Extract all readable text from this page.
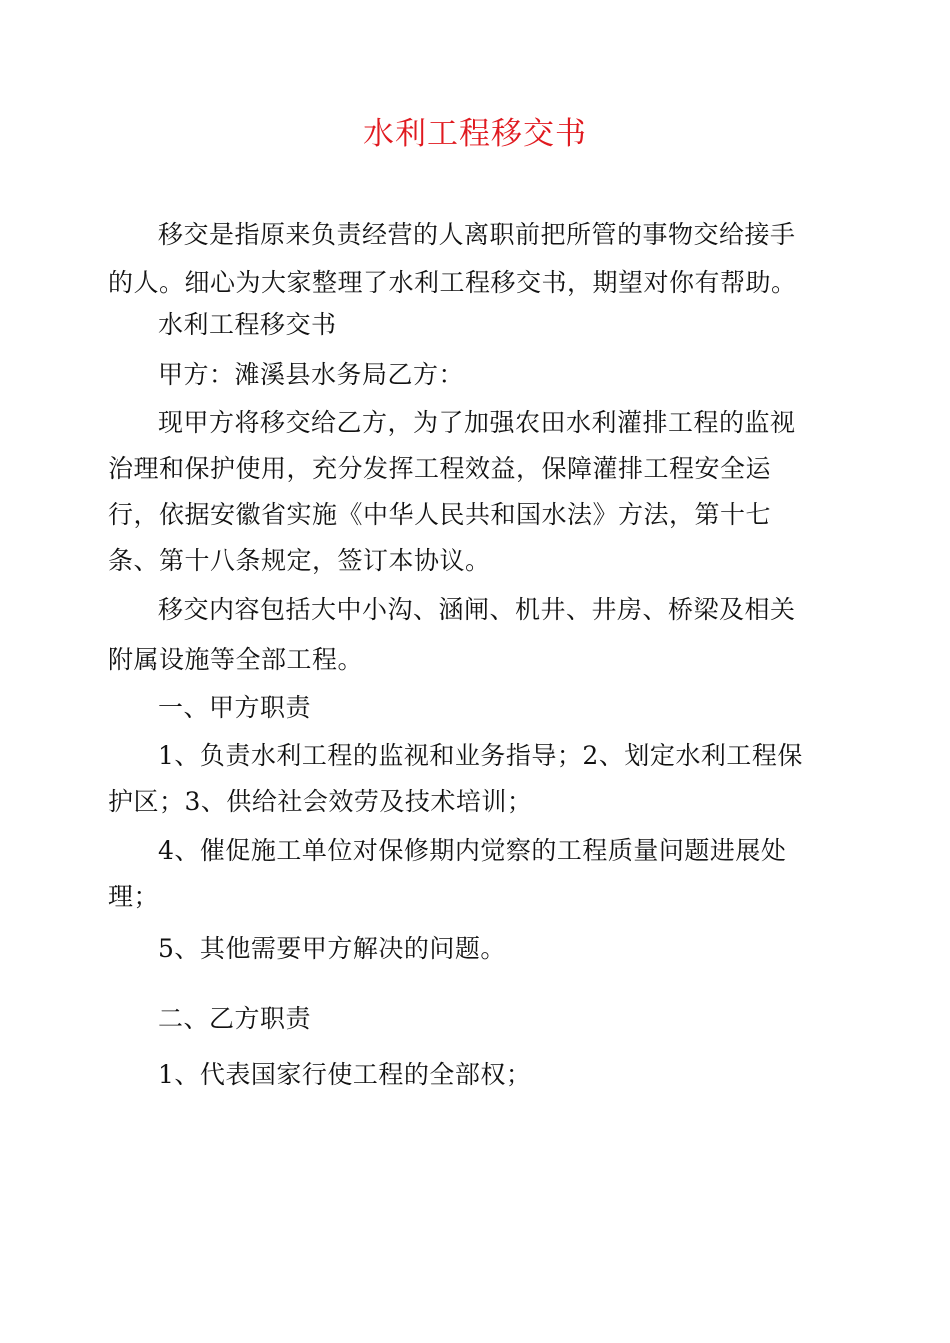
水利工程移交书

移交是指原来负责经营的人离职前把所管的事物交给接手
的人。细心为大家整理了水利工程移交书，期望对你有帮助。

水利工程移交书

甲方：滩溪县水务局乙方：

现甲方将移交给乙方，为了加强农田水利灌排工程的监视
治理和保护使用，充分发挥工程效益，保障灌排工程安全运
行，依据安徽省实施《中华人民共和国水法》方法，第十七
条、第十八条规定，签订本协议。

移交内容包括大中小沟、涵闸、机井、井房、桥梁及相关
附属设施等全部工程。

一、甲方职责

1、负责水利工程的监视和业务指导；2、划定水利工程保
护区；3、供给社会效劳及技术培训；

4、催促施工单位对保修期内觉察的工程质量问题进展处
理；

5、其他需要甲方解决的问题。

二、乙方职责

1、代表国家行使工程的全部权；
